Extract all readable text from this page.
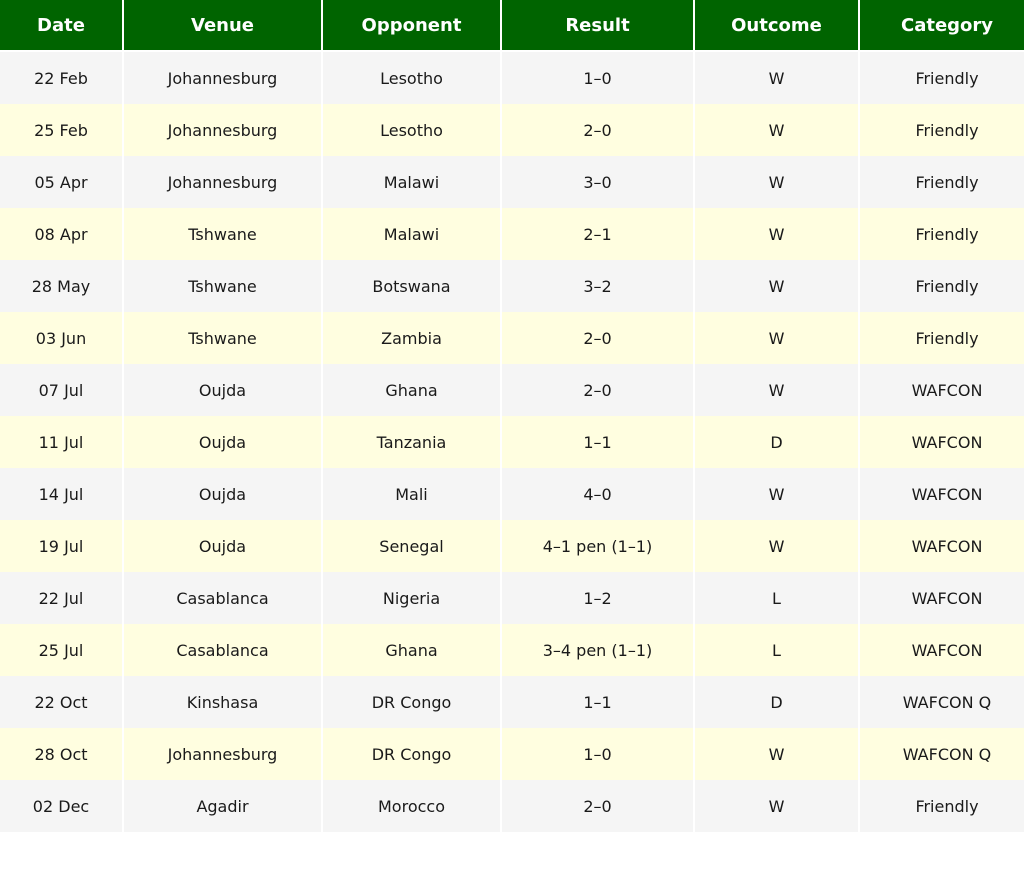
Date	Venue	Opponent	Result	Outcome	Category
22 Feb	Johannesburg	Lesotho	1–0	W	Friendly
25 Feb	Johannesburg	Lesotho	2–0	W	Friendly
05 Apr	Johannesburg	Malawi	3–0	W	Friendly
08 Apr	Tshwane	Malawi	2–1	W	Friendly
28 May	Tshwane	Botswana	3–2	W	Friendly
03 Jun	Tshwane	Zambia	2–0	W	Friendly
07 Jul	Oujda	Ghana	2–0	W	WAFCON
11 Jul	Oujda	Tanzania	1–1	D	WAFCON
14 Jul	Oujda	Mali	4–0	W	WAFCON
19 Jul	Oujda	Senegal	4–1 pen (1–1)	W	WAFCON
22 Jul	Casablanca	Nigeria	1–2	L	WAFCON
25 Jul	Casablanca	Ghana	3–4 pen (1–1)	L	WAFCON
22 Oct	Kinshasa	DR Congo	1–1	D	WAFCON Q
28 Oct	Johannesburg	DR Congo	1–0	W	WAFCON Q
02 Dec	Agadir	Morocco	2–0	W	Friendly
